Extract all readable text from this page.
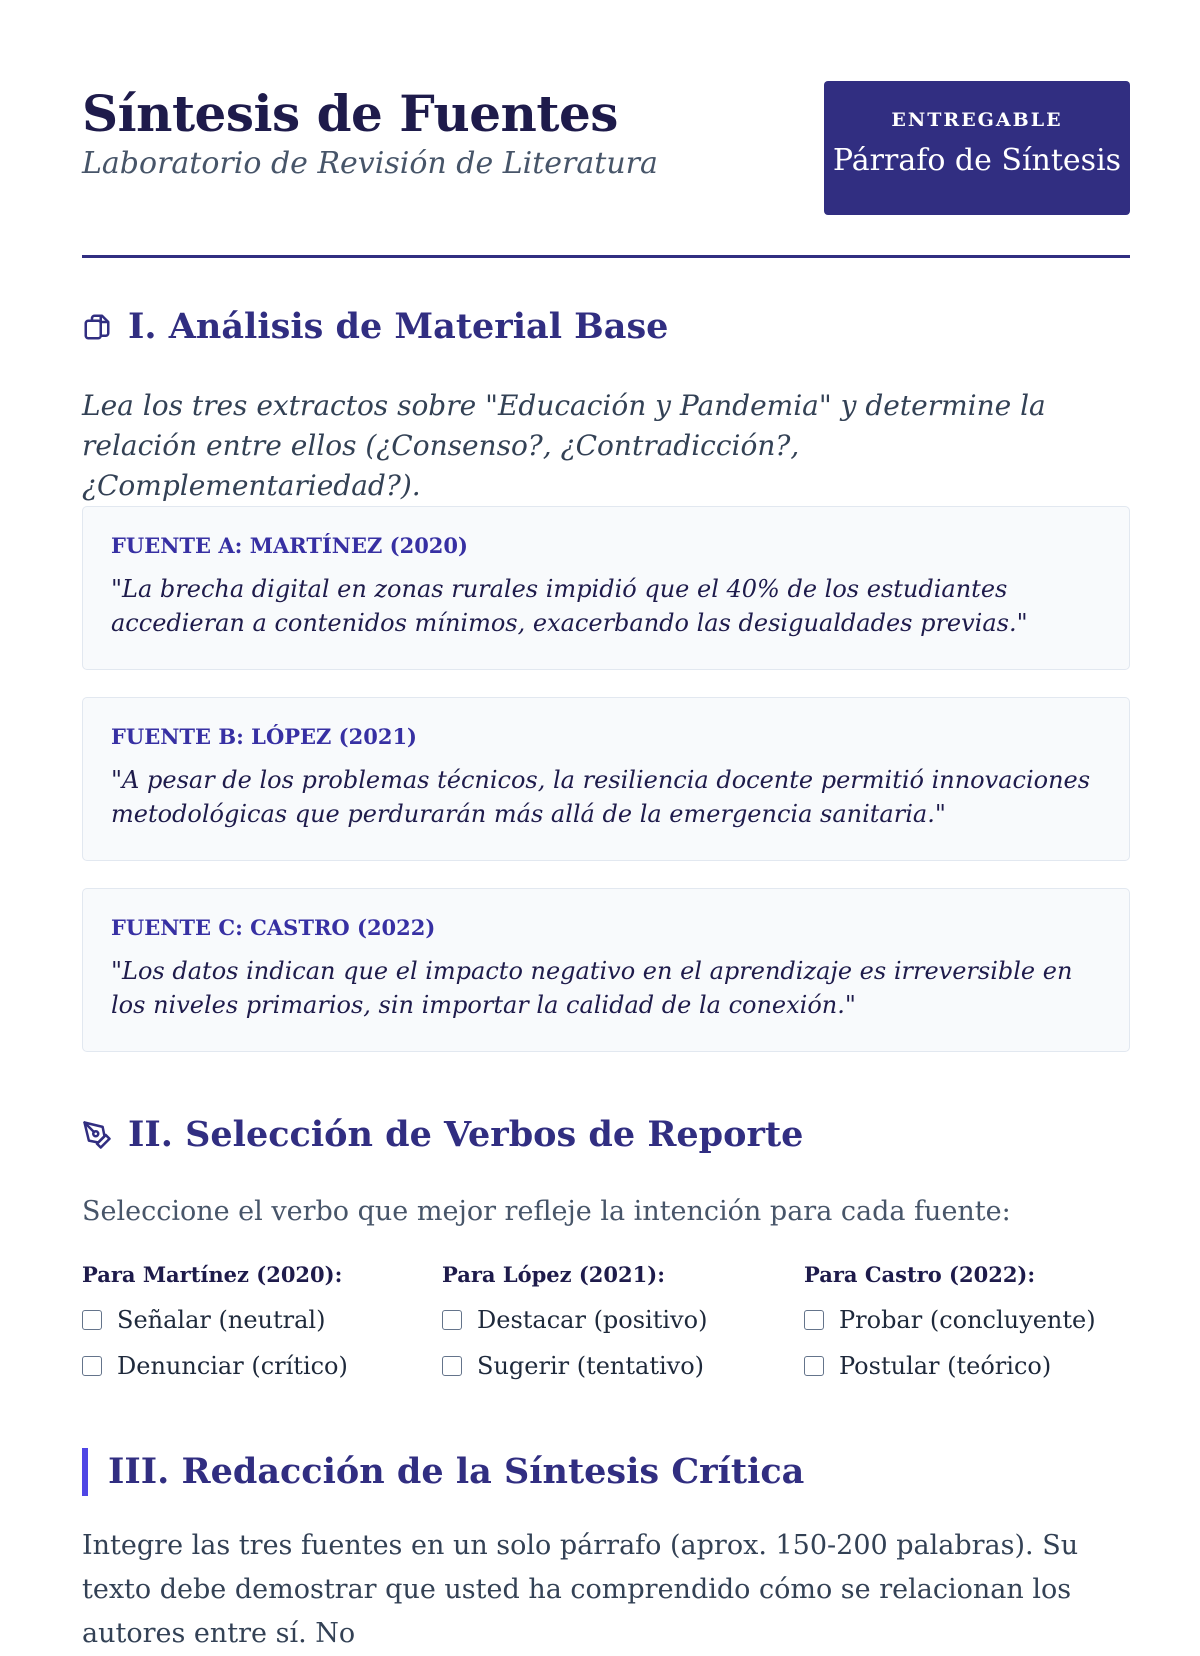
Síntesis de Fuentes
Laboratorio de Revisión de Literatura
ENTREGABLE
Párrafo de Síntesis
I. Análisis de Material Base
Lea los tres extractos sobre "Educación y Pandemia" y determine la relación entre ellos (¿Consenso?, ¿Contradicción?, ¿Complementariedad?).
FUENTE A: MARTÍNEZ (2020)
"La brecha digital en zonas rurales impidió que el 40% de los estudiantes accedieran a contenidos mínimos, exacerbando las desigualdades previas."
FUENTE B: LÓPEZ (2021)
"A pesar de los problemas técnicos, la resiliencia docente permitió innovaciones metodológicas que perdurarán más allá de la emergencia sanitaria."
FUENTE C: CASTRO (2022)
"Los datos indican que el impacto negativo en el aprendizaje es irreversible en los niveles primarios, sin importar la calidad de la conexión."
II. Selección de Verbos de Reporte
Seleccione el verbo que mejor refleje la intención para cada fuente:
Para Martínez (2020):
Señalar (neutral)
Denunciar (crítico)
Para López (2021):
Destacar (positivo)
Sugerir (tentativo)
Para Castro (2022):
Probar (concluyente)
Postular (teórico)
III. Redacción de la Síntesis Crítica
Integre las tres fuentes en un solo párrafo (aprox. 150-200 palabras). Su texto debe demostrar que usted ha comprendido cómo se relacionan los autores entre sí. No
